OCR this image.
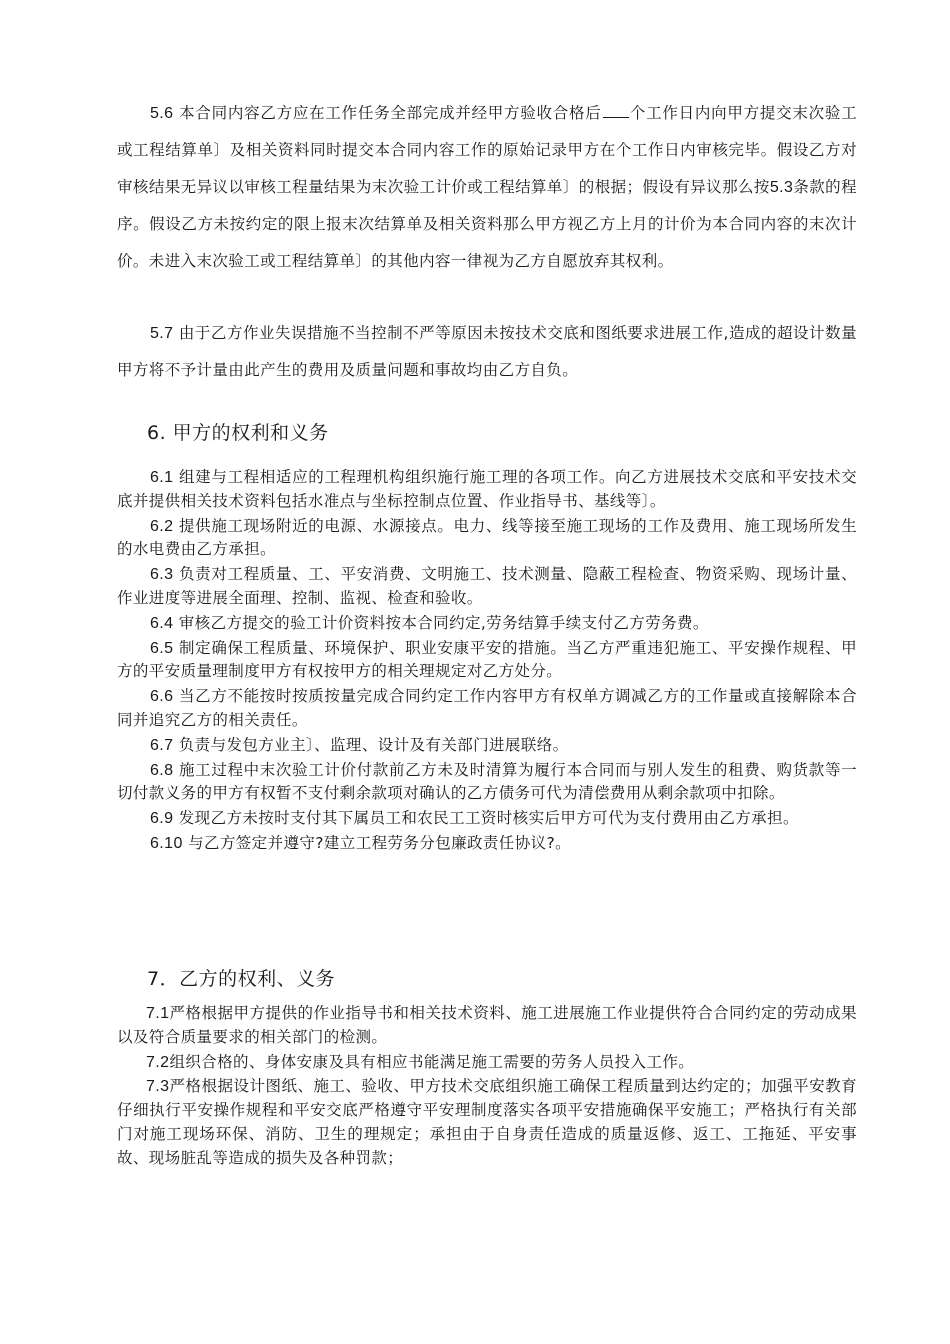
5.6 本合同内容乙方应在工作任务全部完成并经甲方验收合格后 个工作日内向甲方提交末次验工或工程结算单〕及相关资料同时提交本合同内容工作的原始记录甲方在个工作日内审核完毕。假设乙方对审核结果无异议以审核工程量结果为末次验工计价或工程结算单〕的根据；假设有异议那么按5.3条款的程序。假设乙方未按约定的限上报末次结算单及相关资料那么甲方视乙方上月的计价为本合同内容的末次计价。未进入末次验工或工程结算单〕的其他内容一律视为乙方自愿放弃其权利。

5.7 由于乙方作业失误措施不当控制不严等原因未按技术交底和图纸要求进展工作,造成的超设计数量甲方将不予计量由此产生的费用及质量问题和事故均由乙方自负。

6. 甲方的权利和义务

6.1 组建与工程相适应的工程理机构组织施行施工理的各项工作。向乙方进展技术交底和平安技术交底并提供相关技术资料包括水准点与坐标控制点位置、作业指导书、基线等〕。

6.2 提供施工现场附近的电源、水源接点。电力、线等接至施工现场的工作及费用、施工现场所发生的水电费由乙方承担。

6.3 负责对工程质量、工、平安消费、文明施工、技术测量、隐蔽工程检查、物资采购、现场计量、作业进度等进展全面理、控制、监视、检查和验收。

6.4 审核乙方提交的验工计价资料按本合同约定,劳务结算手续支付乙方劳务费。

6.5 制定确保工程质量、环境保护、职业安康平安的措施。当乙方严重违犯施工、平安操作规程、甲方的平安质量理制度甲方有权按甲方的相关理规定对乙方处分。

6.6 当乙方不能按时按质按量完成合同约定工作内容甲方有权单方调减乙方的工作量或直接解除本合同并追究乙方的相关责任。

6.7 负责与发包方业主〕、监理、设计及有关部门进展联络。

6.8 施工过程中末次验工计价付款前乙方未及时清算为履行本合同而与别人发生的租费、购货款等一切付款义务的甲方有权暂不支付剩余款项对确认的乙方债务可代为清偿费用从剩余款项中扣除。

6.9 发现乙方未按时支付其下属员工和农民工工资时核实后甲方可代为支付费用由乙方承担。

6.10 与乙方签定并遵守?建立工程劳务分包廉政责任协议?。

7．乙方的权利、义务

7.1严格根据甲方提供的作业指导书和相关技术资料、施工进展施工作业提供符合合同约定的劳动成果以及符合质量要求的相关部门的检测。

7.2组织合格的、身体安康及具有相应书能满足施工需要的劳务人员投入工作。

7.3严格根据设计图纸、施工、验收、甲方技术交底组织施工确保工程质量到达约定的；加强平安教育仔细执行平安操作规程和平安交底严格遵守平安理制度落实各项平安措施确保平安施工；严格执行有关部门对施工现场环保、消防、卫生的理规定；承担由于自身责任造成的质量返修、返工、工拖延、平安事故、现场脏乱等造成的损失及各种罚款；
